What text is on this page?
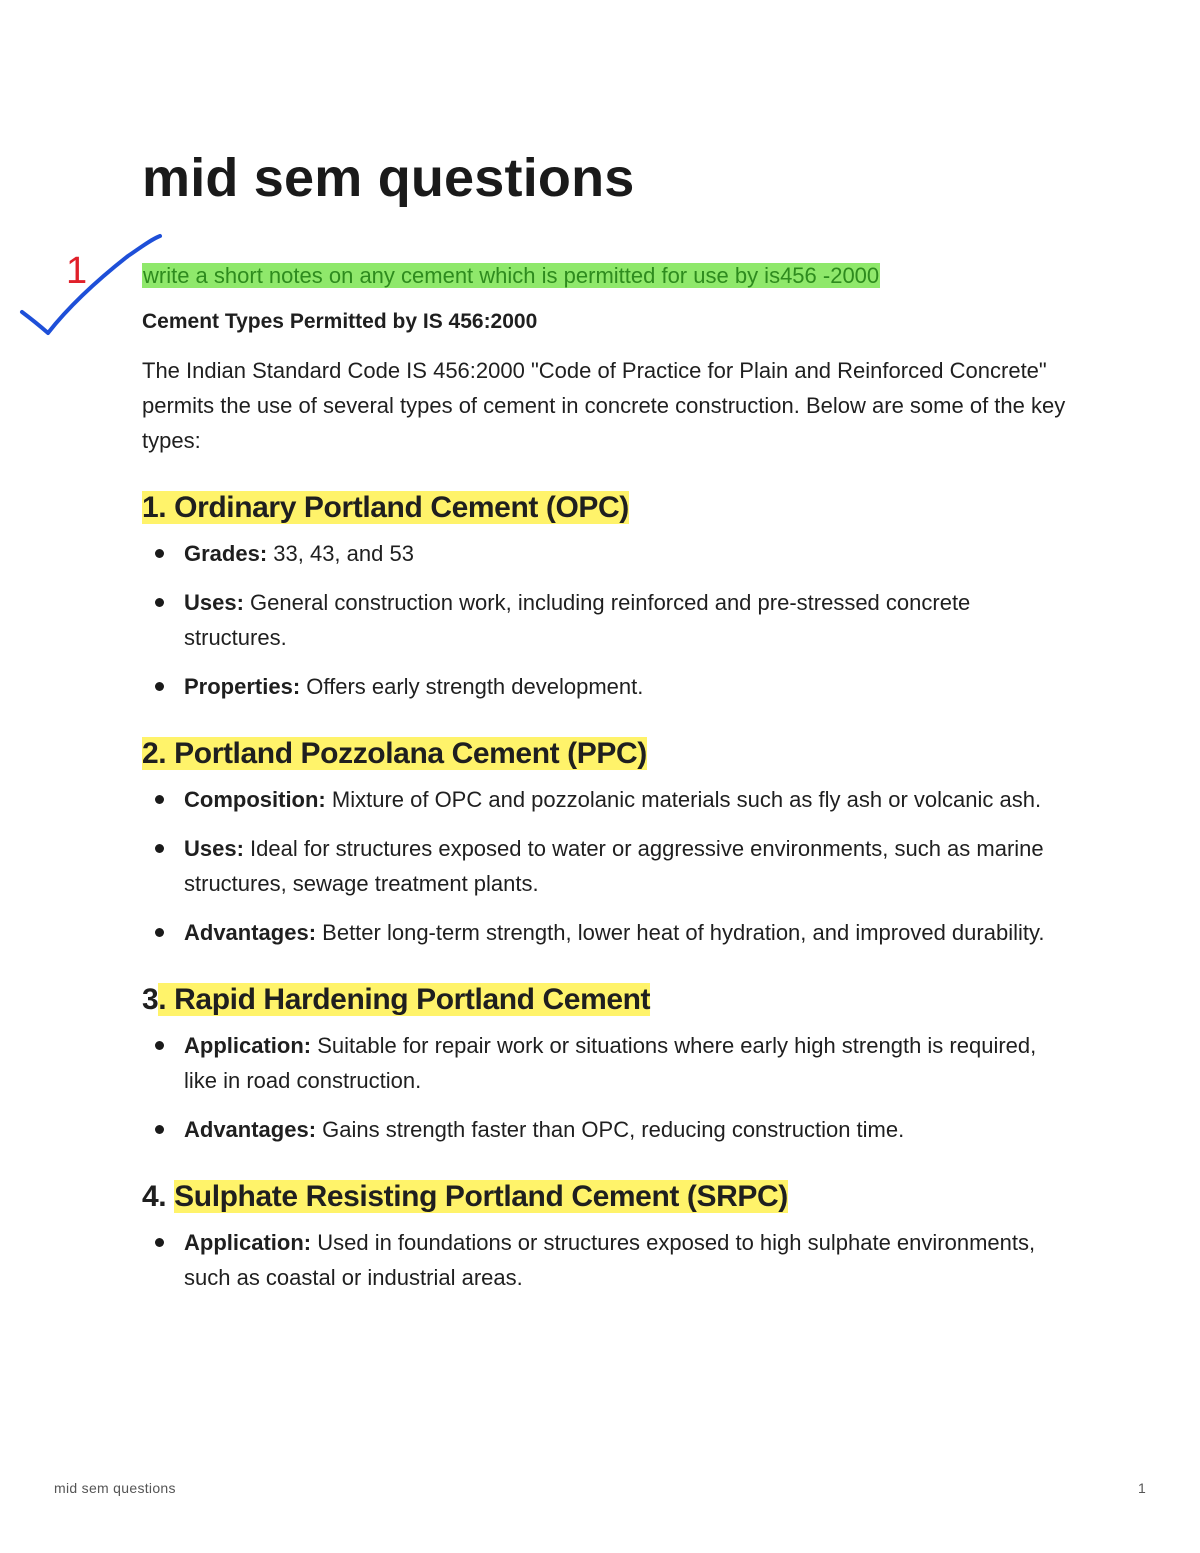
1
mid sem questions
write a short notes on any cement which is permitted for use by is456 -2000
Cement Types Permitted by IS 456:2000
The Indian Standard Code IS 456:2000 "Code of Practice for Plain and Reinforced Concrete" permits the use of several types of cement in concrete construction. Below are some of the key types:
1. Ordinary Portland Cement (OPC)
Grades: 33, 43, and 53
Uses: General construction work, including reinforced and pre-stressed concrete structures.
Properties: Offers early strength development.
2. Portland Pozzolana Cement (PPC)
Composition: Mixture of OPC and pozzolanic materials such as fly ash or volcanic ash.
Uses: Ideal for structures exposed to water or aggressive environments, such as marine structures, sewage treatment plants.
Advantages: Better long-term strength, lower heat of hydration, and improved durability.
3. Rapid Hardening Portland Cement
Application: Suitable for repair work or situations where early high strength is required, like in road construction.
Advantages: Gains strength faster than OPC, reducing construction time.
4. Sulphate Resisting Portland Cement (SRPC)
Application: Used in foundations or structures exposed to high sulphate environments, such as coastal or industrial areas.
mid sem questions	1
